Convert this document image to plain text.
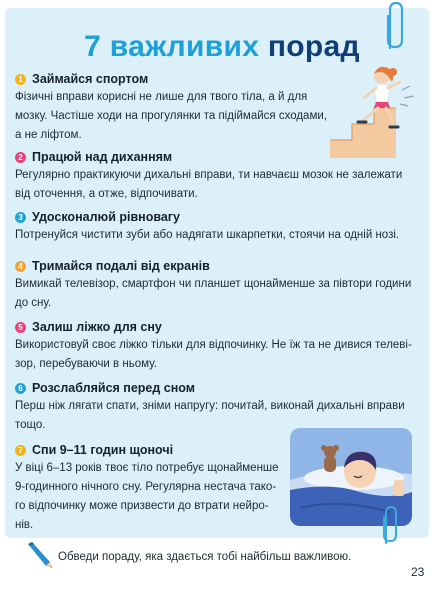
7 важливих порад
1 Займайся спортом
Фізичні вправи корисні не лише для твого тіла, а й для
мозку. Частіше ходи на прогулянки та підіймайся сходами,
а не ліфтом.
2 Працюй над диханням
Регулярно практикуючи дихальні вправи, ти навчаєш мозок не залежати
від оточення, а отже, відпочивати.
3 Удосконалюй рівновагу
Потренуйся чистити зуби або надягати шкарпетки, стоячи на одній нозі.
4 Тримайся подалі від екранів
Вимикай телевізор, смартфон чи планшет щонайменше за півтори години
до сну.
5 Залиш ліжко для сну
Використовуй своє ліжко тільки для відпочинку. Не їж та не дивися телеві-
зор, перебуваючи в ньому.
6 Розслабляйся перед сном
Перш ніж лягати спати, зніми напругу: почитай, виконай дихальні вправи
тощо.
7 Спи 9–11 годин щоночі
У віці 6–13 років твоє тіло потребує щонайменше
9-годинного нічного сну. Регулярна нестача тако-
го відпочинку може призвести до втрати нейро-
нів.
Обведи пораду, яка здається тобі найбільш важливою.
23
